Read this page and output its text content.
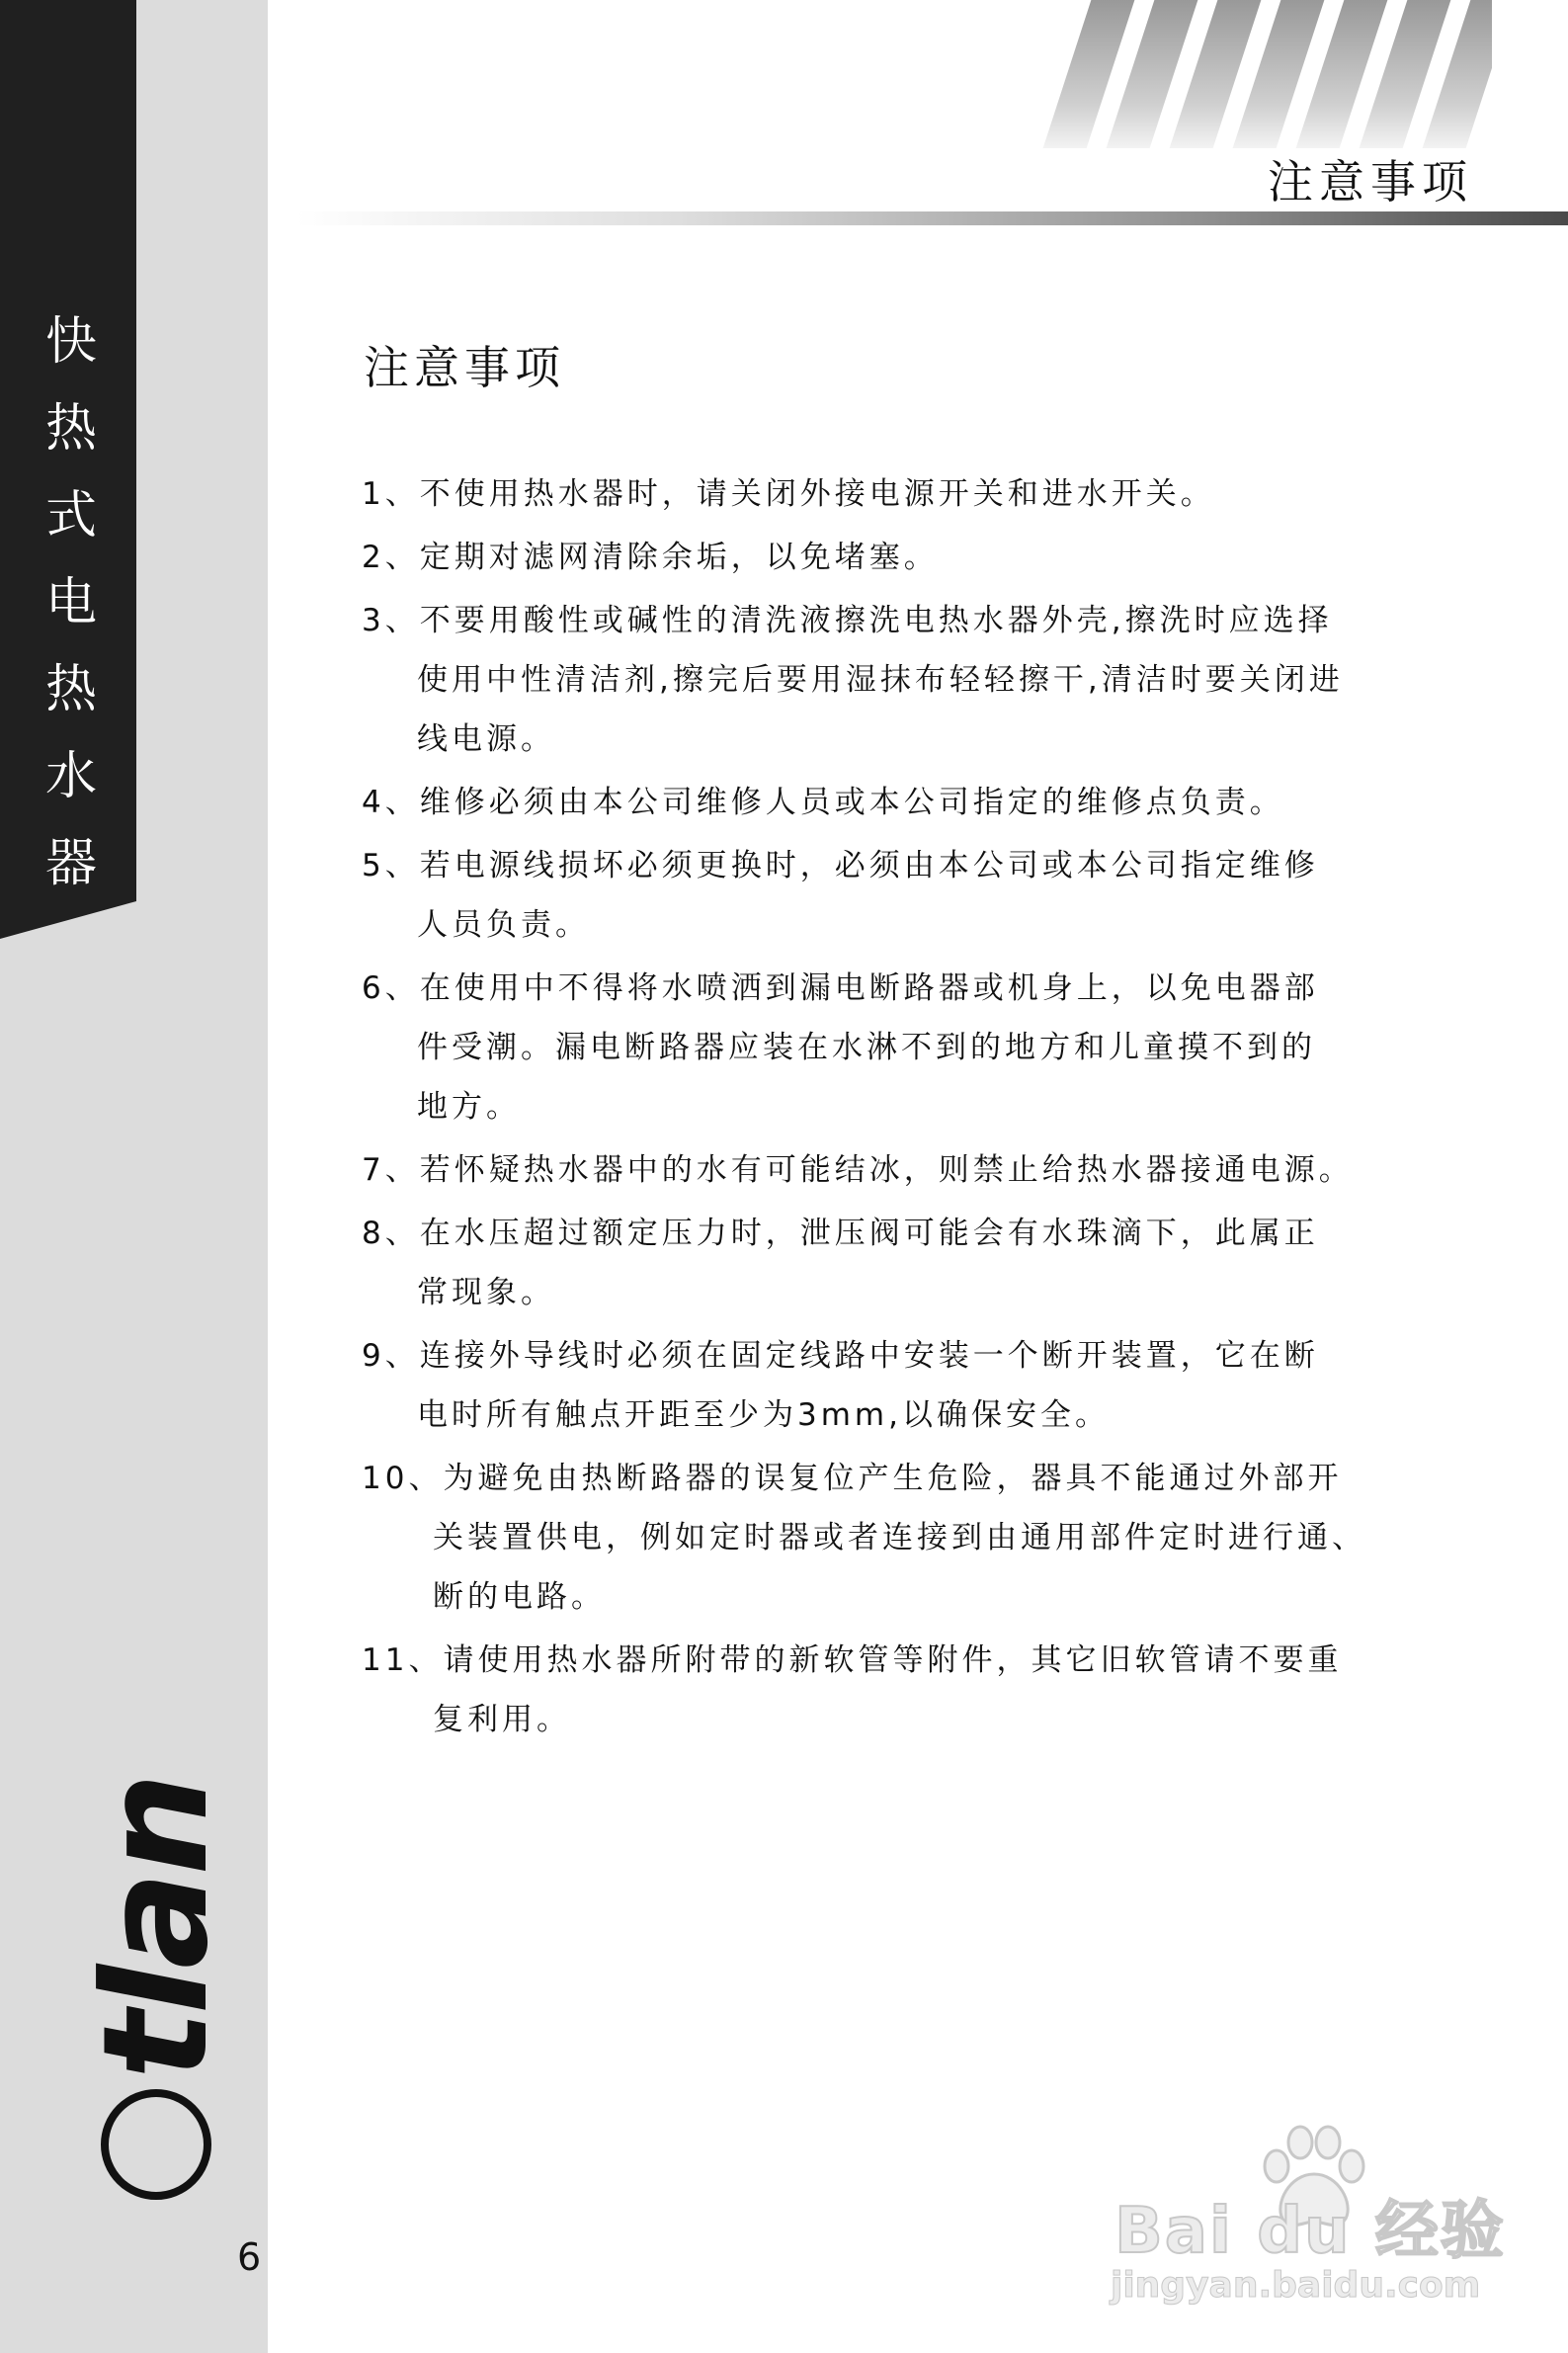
快
热
式
电
热
水
器
注意事项
注意事项
1、不使用热水器时，请关闭外接电源开关和进水开关。
2、定期对滤网清除余垢，以免堵塞。
3、不要用酸性或碱性的清洗液擦洗电热水器外壳,擦洗时应选择
使用中性清洁剂,擦完后要用湿抹布轻轻擦干,清洁时要关闭进
线电源。
4、维修必须由本公司维修人员或本公司指定的维修点负责。
5、若电源线损坏必须更换时，必须由本公司或本公司指定维修
人员负责。
6、在使用中不得将水喷洒到漏电断路器或机身上，以免电器部
件受潮。漏电断路器应装在水淋不到的地方和儿童摸不到的
地方。
7、若怀疑热水器中的水有可能结冰，则禁止给热水器接通电源。
8、在水压超过额定压力时，泄压阀可能会有水珠滴下，此属正
常现象。
9、连接外导线时必须在固定线路中安装一个断开装置，它在断
电时所有触点开距至少为3mm,以确保安全。
10、为避免由热断路器的误复位产生危险，器具不能通过外部开
关装置供电，例如定时器或者连接到由通用部件定时进行通、
断的电路。
11、请使用热水器所附带的新软管等附件，其它旧软管请不要重
复利用。
tlan
6	Bai du 经验
jingyan.baidu.com
